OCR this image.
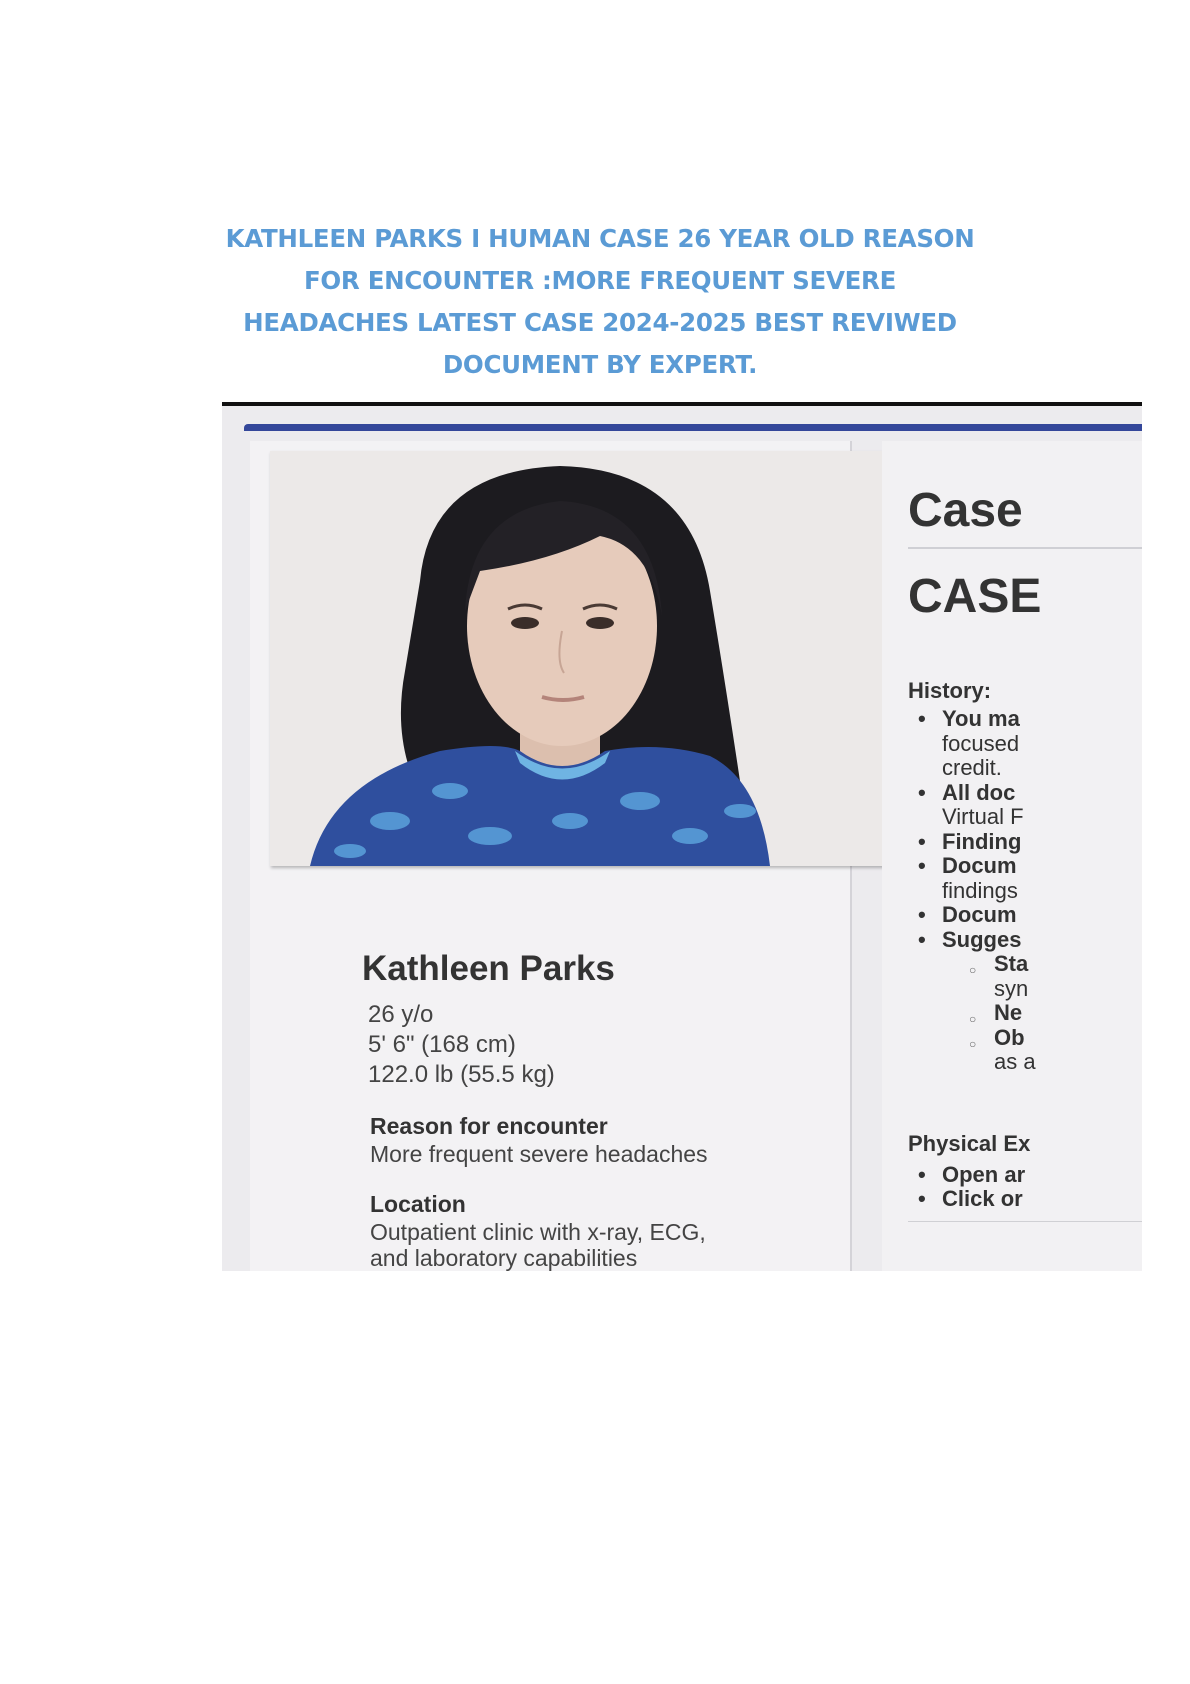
KATHLEEN PARKS I HUMAN CASE 26 YEAR OLD REASON
FOR ENCOUNTER :MORE FREQUENT SEVERE
HEADACHES LATEST CASE 2024-2025 BEST REVIWED
DOCUMENT BY EXPERT.
Kathleen Parks
26 y/o
5' 6" (168 cm)
122.0 lb (55.5 kg)
Reason for encounter
More frequent severe headaches
Location
Outpatient clinic with x-ray, ECG,
and laboratory capabilities
Case
CASE
History:
• You ma
focused
credit.
• All doc
Virtual F
• Finding
• Docum
findings
• Docum
• Sugges
○ Sta
syn
○ Ne
○ Ob
as a
Physical Ex
• Open ar
• Click or
